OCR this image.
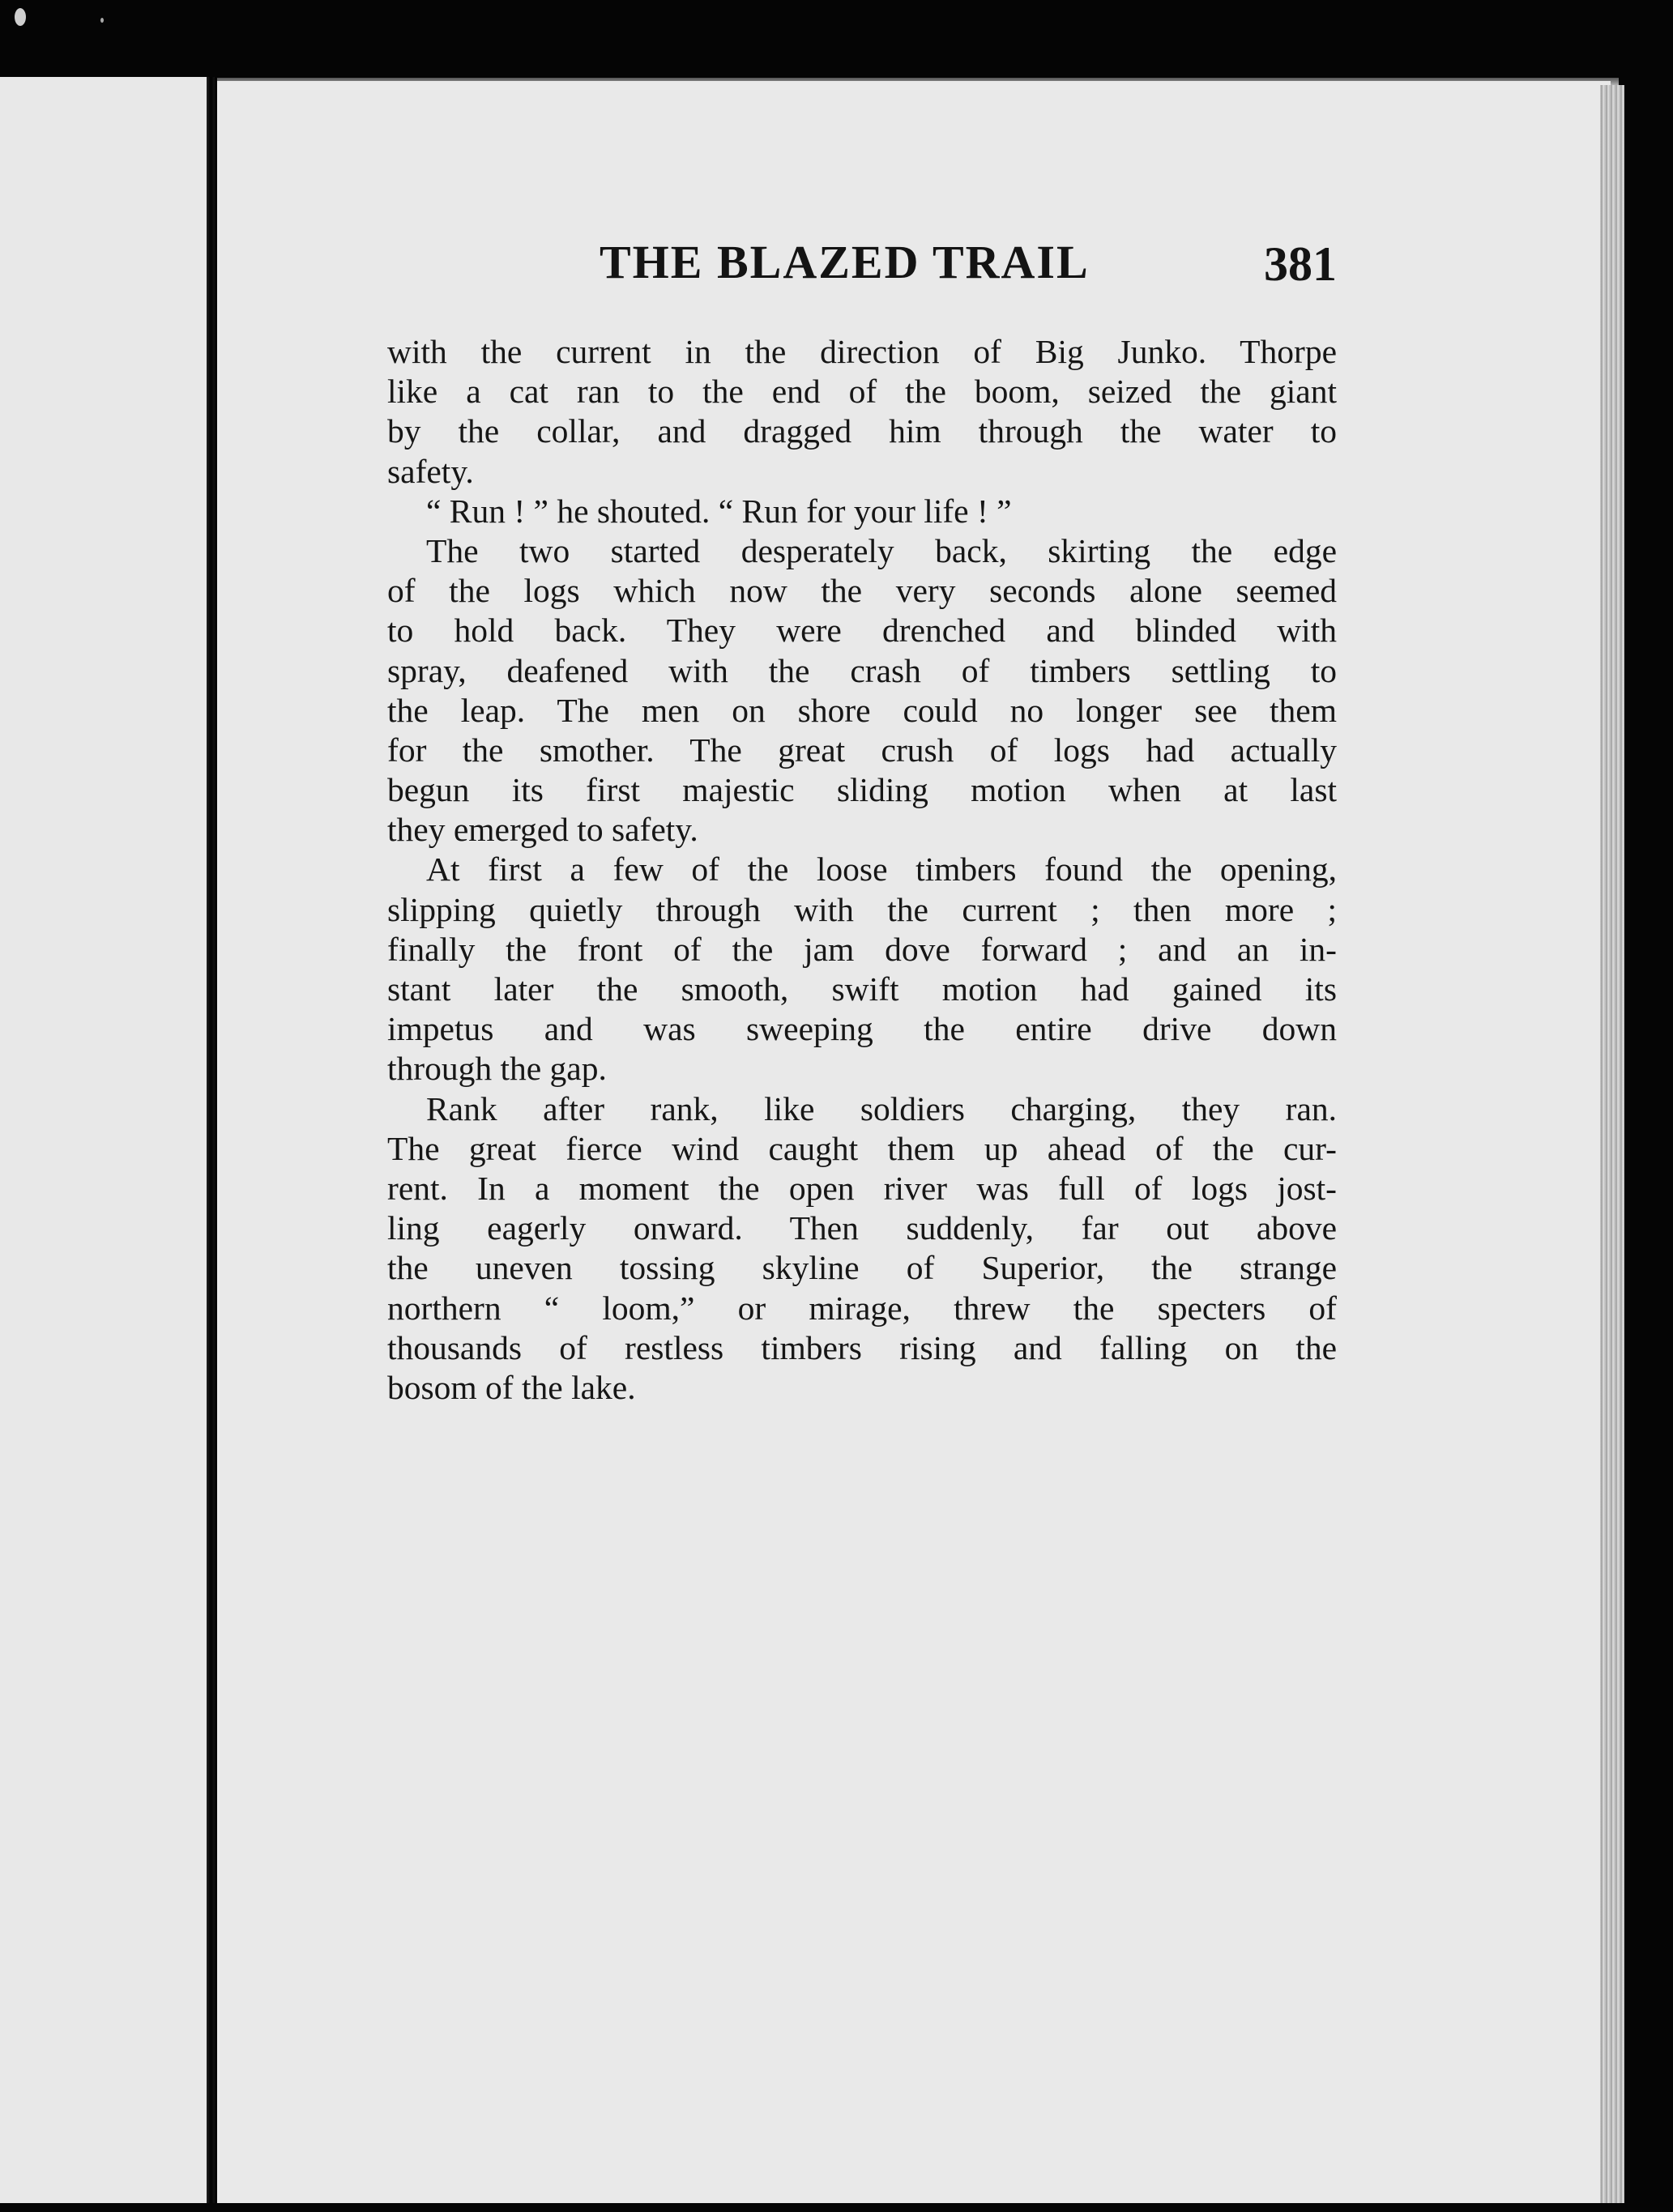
THE BLAZED TRAIL	381
with the current in the direction of Big Junko. Thorpe
like a cat ran to the end of the boom, seized the giant
by the collar, and dragged him through the water to
safety.
“ Run ! ” he shouted. “ Run for your life ! ”
The two started desperately back, skirting the edge
of the logs which now the very seconds alone seemed
to hold back. They were drenched and blinded with
spray, deafened with the crash of timbers settling to
the leap. The men on shore could no longer see them
for the smother. The great crush of logs had actually
begun its first majestic sliding motion when at last
they emerged to safety.
At first a few of the loose timbers found the opening,
slipping quietly through with the current ; then more ;
finally the front of the jam dove forward ; and an in-
stant later the smooth, swift motion had gained its
impetus and was sweeping the entire drive down
through the gap.
Rank after rank, like soldiers charging, they ran.
The great fierce wind caught them up ahead of the cur-
rent. In a moment the open river was full of logs jost-
ling eagerly onward. Then suddenly, far out above
the uneven tossing skyline of Superior, the strange
northern “ loom,” or mirage, threw the specters of
thousands of restless timbers rising and falling on the
bosom of the lake.
